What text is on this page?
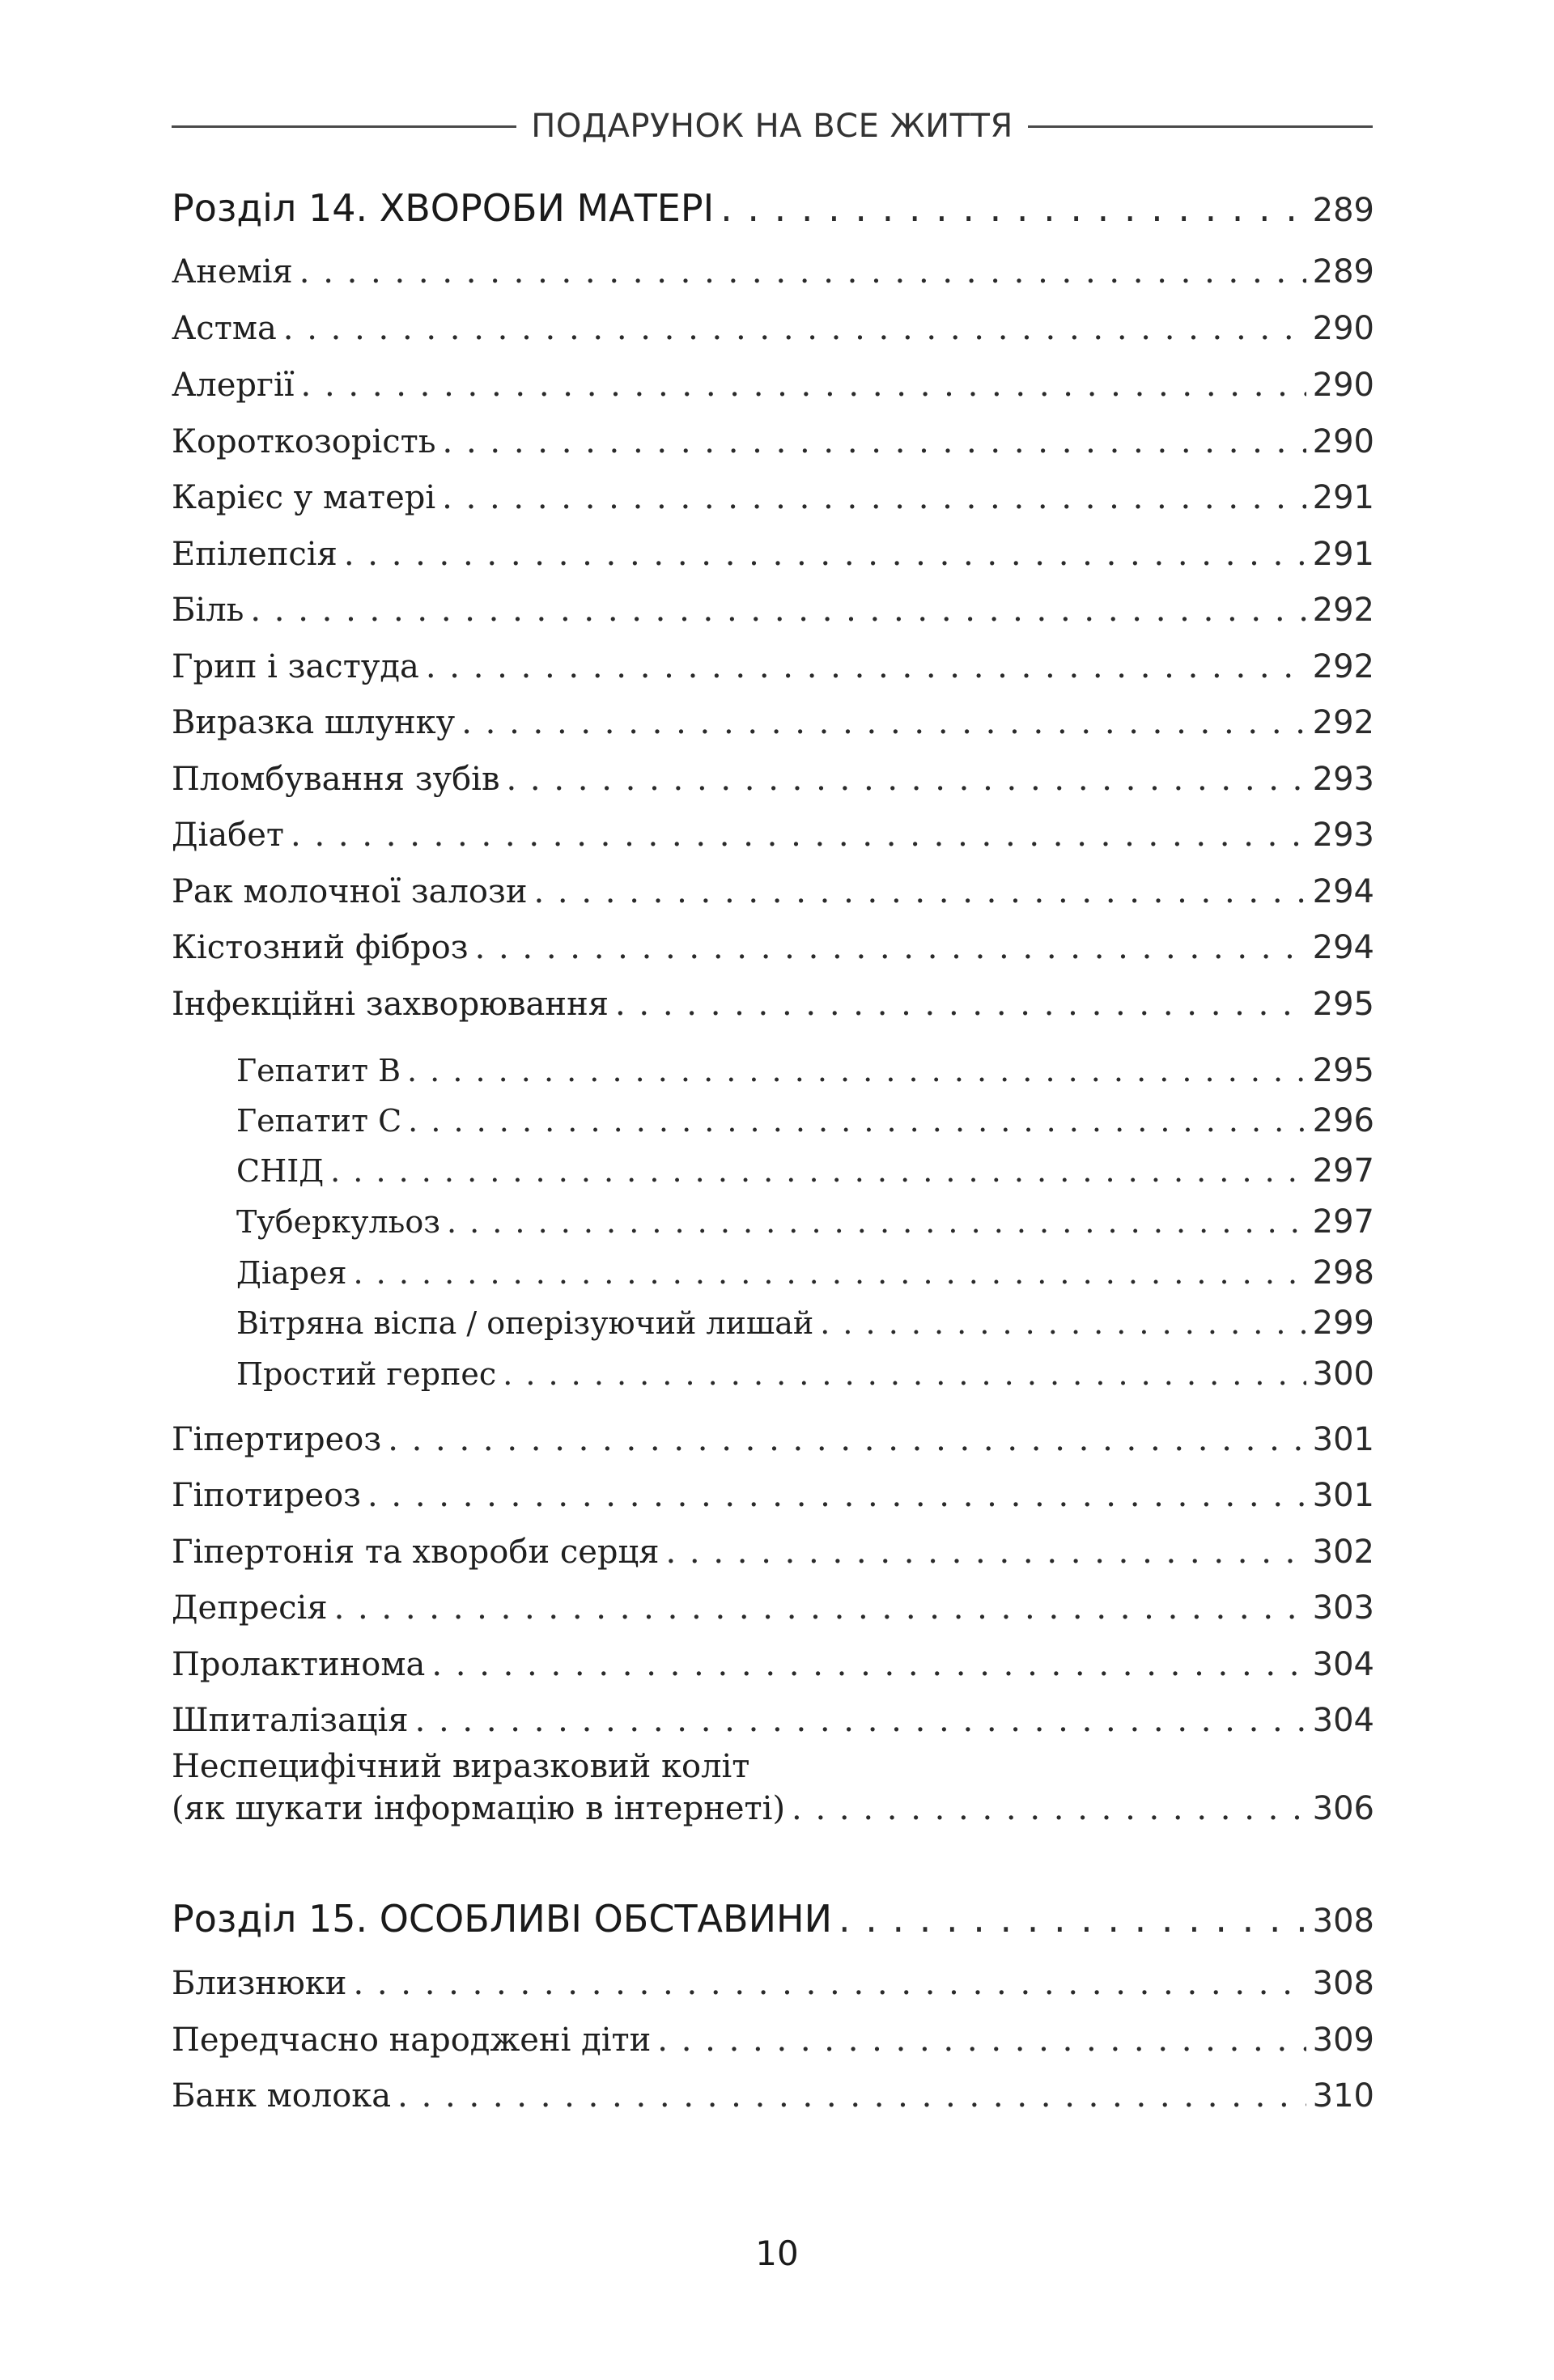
ПОДАРУНОК НА ВСЕ ЖИТТЯ
Розділ 14. ХВОРОБИ МАТЕРІ . . .	289
Анемія . . .	289
Астма . . .	290
Алергії . . .	290
Короткозорість . . .	290
Карієс у матері . . .	291
Епілепсія . . .	291
Біль . . .	292
Грип і застуда . . .	292
Виразка шлунку . . .	292
Пломбування зубів . . .	293
Діабет . . .	293
Рак молочної залози . . .	294
Кістозний фіброз . . .	294
Інфекційні захворювання . . .	295
Гепатит B . . .	295
Гепатит C . . .	296
СНІД . . .	297
Туберкульоз . . .	297
Діарея . . .	298
Вітряна віспа / оперізуючий лишай . . .	299
Простий герпес . . .	300
Гіпертиреоз . . .	301
Гіпотиреоз . . .	301
Гіпертонія та хвороби серця . . .	302
Депресія . . .	303
Пролактинома . . .	304
Шпиталізація . . .	304
Неспецифічний виразковий коліт
(як шукати інформацію в інтернеті) . . .	306
Розділ 15. ОСОБЛИВІ ОБСТАВИНИ . . .	308
Близнюки . . .	308
Передчасно народжені діти . . .	309
Банк молока . . .	310
10
